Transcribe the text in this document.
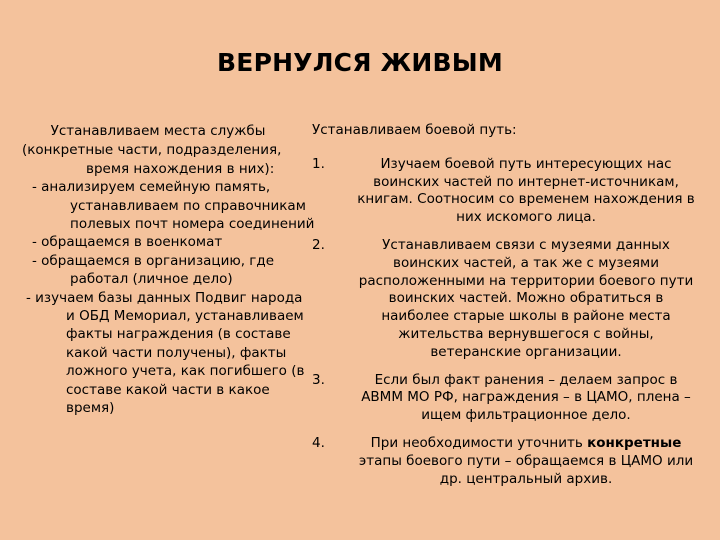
ВЕРНУЛСЯ ЖИВЫМ
Устанавливаем места службы
(конкретные части, подразделения,
время нахождения в них):
- анализируем семейную память,
устанавливаем по справочникам
полевых почт номера соединений
- обращаемся в военкомат
- обращаемся в организацию, где
работал (личное дело)
- изучаем базы данных Подвиг народа
и ОБД Мемориал, устанавливаем
факты награждения (в составе
какой части получены), факты
ложного учета, как погибшего (в
составе какой части в какое
время)
Устанавливаем боевой путь:
1.	Изучаем боевой путь интересующих нас
воинских частей по интернет-источникам,
книгам. Соотносим со временем нахождения в
них искомого лица.
2.	Устанавливаем связи с музеями данных
воинских частей, а так же с музеями
расположенными на территории боевого пути
воинских частей. Можно обратиться в
наиболее старые школы в районе места
жительства вернувшегося с войны,
ветеранские организации.
3.	Если был факт ранения – делаем запрос в
АВММ МО РФ, награждения – в ЦАМО, плена –
ищем фильтрационное дело.
4.	При необходимости уточнить конкретные
этапы боевого пути – обращаемся в ЦАМО или
др. центральный архив.
